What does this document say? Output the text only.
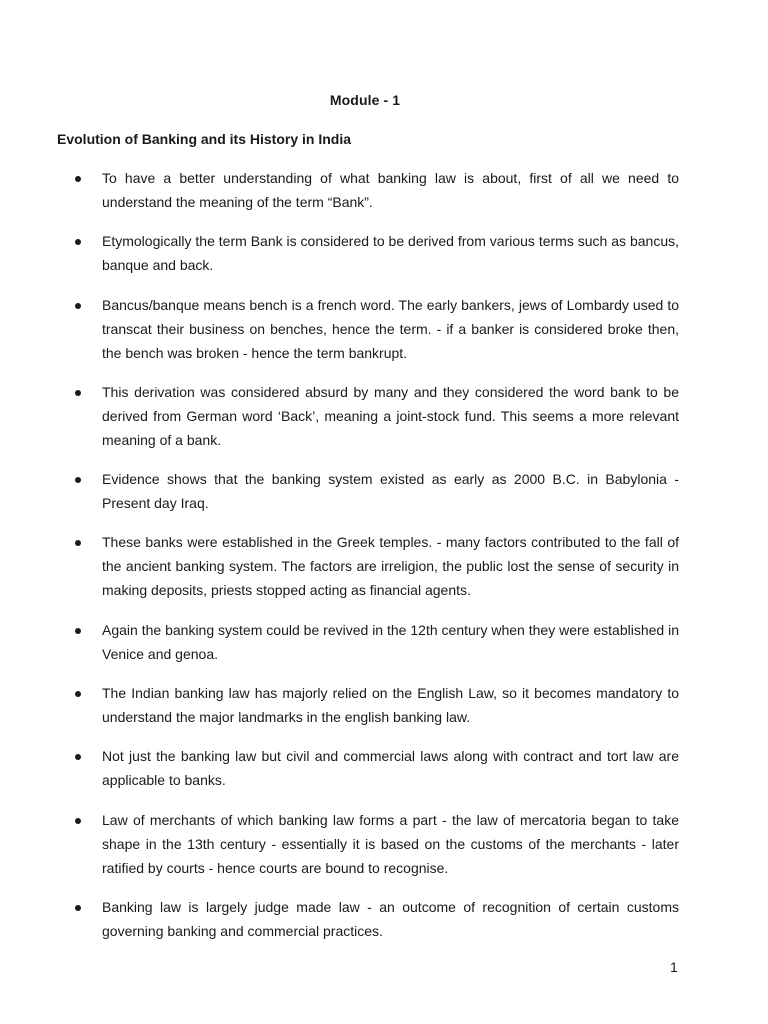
Module - 1
Evolution of Banking and its History in India
To have a better understanding of what banking law is about, first of all we need to understand the meaning of the term “Bank”.
Etymologically the term Bank is considered to be derived from various terms such as bancus, banque and back.
Bancus/banque means bench is a french word. The early bankers, jews of Lombardy used to transcat their business on benches, hence the term. - if a banker is considered broke then, the bench was broken - hence the term bankrupt.
This derivation was considered absurd by many and they considered the word bank to be derived from German word ‘Back’, meaning a joint-stock fund. This seems a more relevant meaning of a bank.
Evidence shows that the banking system existed as early as 2000 B.C. in Babylonia - Present day Iraq.
These banks were established in the Greek temples. - many factors contributed to the fall of the ancient banking system. The factors are irreligion, the public lost the sense of security in making deposits, priests stopped acting as financial agents.
Again the banking system could be revived in the 12th century when they were established in Venice and genoa.
The Indian banking law has majorly relied on the English Law, so it becomes mandatory to understand the major landmarks in the english banking law.
Not just the banking law but civil and commercial laws along with contract and tort law are applicable to banks.
Law of merchants of which banking law forms a part - the law of mercatoria began to take shape in the 13th century - essentially it is based on the customs of the merchants - later ratified by courts - hence courts are bound to recognise.
Banking law is largely judge made law - an outcome of recognition of certain customs governing banking and commercial practices.
1
